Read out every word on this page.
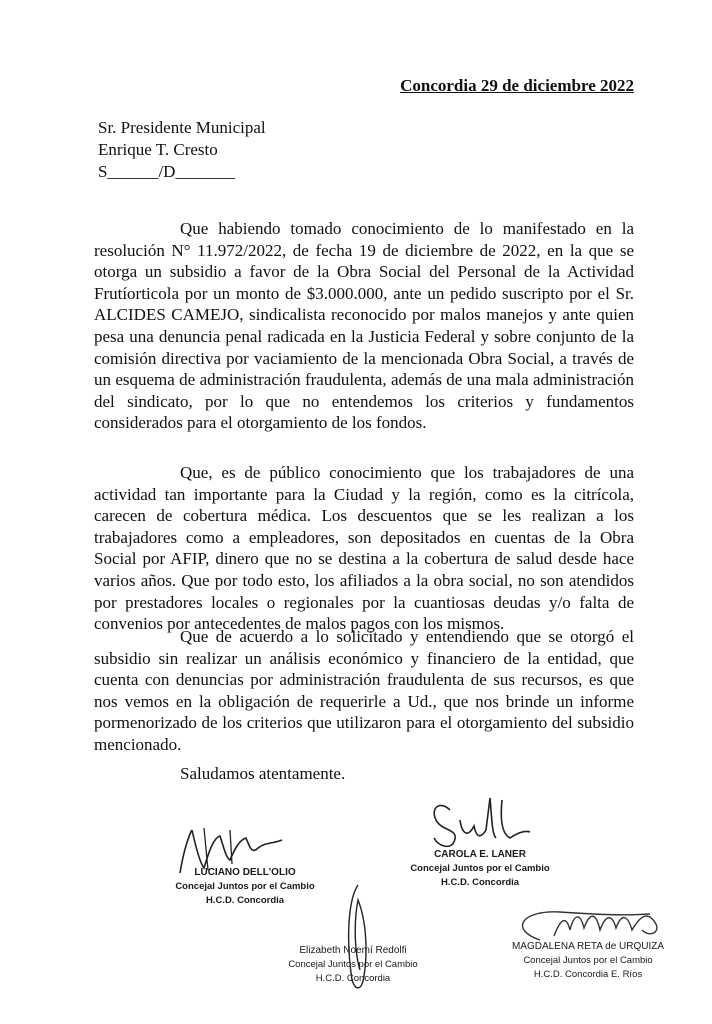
Concordia 29 de diciembre 2022
Sr. Presidente Municipal
Enrique T. Cresto
S______/D_______

Que habiendo tomado conocimiento de lo manifestado en la resolución N° 11.972/2022, de fecha 19 de diciembre de 2022, en la que se otorga un subsidio a favor de la Obra Social del Personal de la Actividad Frutíorticola por un monto de $3.000.000, ante un pedido suscripto por el Sr. ALCIDES CAMEJO, sindicalista reconocido por malos manejos y ante quien pesa una denuncia penal radicada en la Justicia Federal y sobre conjunto de la comisión directiva por vaciamiento de la mencionada Obra Social, a través de un esquema de administración fraudulenta, además de una mala administración del sindicato, por lo que no entendemos los criterios y fundamentos considerados para el otorgamiento de los fondos.

Que, es de público conocimiento que los trabajadores de una actividad tan importante para la Ciudad y la región, como es la citrícola, carecen de cobertura médica. Los descuentos que se les realizan a los trabajadores como a empleadores, son depositados en cuentas de la Obra Social por AFIP, dinero que no se destina a la cobertura de salud desde hace varios años. Que por todo esto, los afiliados a la obra social, no son atendidos por prestadores locales o regionales por la cuantiosas deudas y/o falta de convenios por antecedentes de malos pagos con los mismos.

Que de acuerdo a lo solicitado y entendiendo que se otorgó el subsidio sin realizar un análisis económico y financiero de la entidad, que cuenta con denuncias por administración fraudulenta de sus recursos, es que nos vemos en la obligación de requerirle a Ud., que nos brinde un informe pormenorizado de los criterios que utilizaron para el otorgamiento del subsidio mencionado.

Saludamos atentamente.
LUCIANO DELL'OLIO
Concejal Juntos por el Cambio
H.C.D. Concordia
CAROLA E. LANER
Concejal Juntos por el Cambio
H.C.D. Concordia
Elizabeth Noemí Redolfi
Concejal Juntos por el Cambio
H.C.D. Concordia
MAGDALENA RETA de URQUIZA
Concejal Juntos por el Cambio
H.C.D. Concordia E. Ríos
